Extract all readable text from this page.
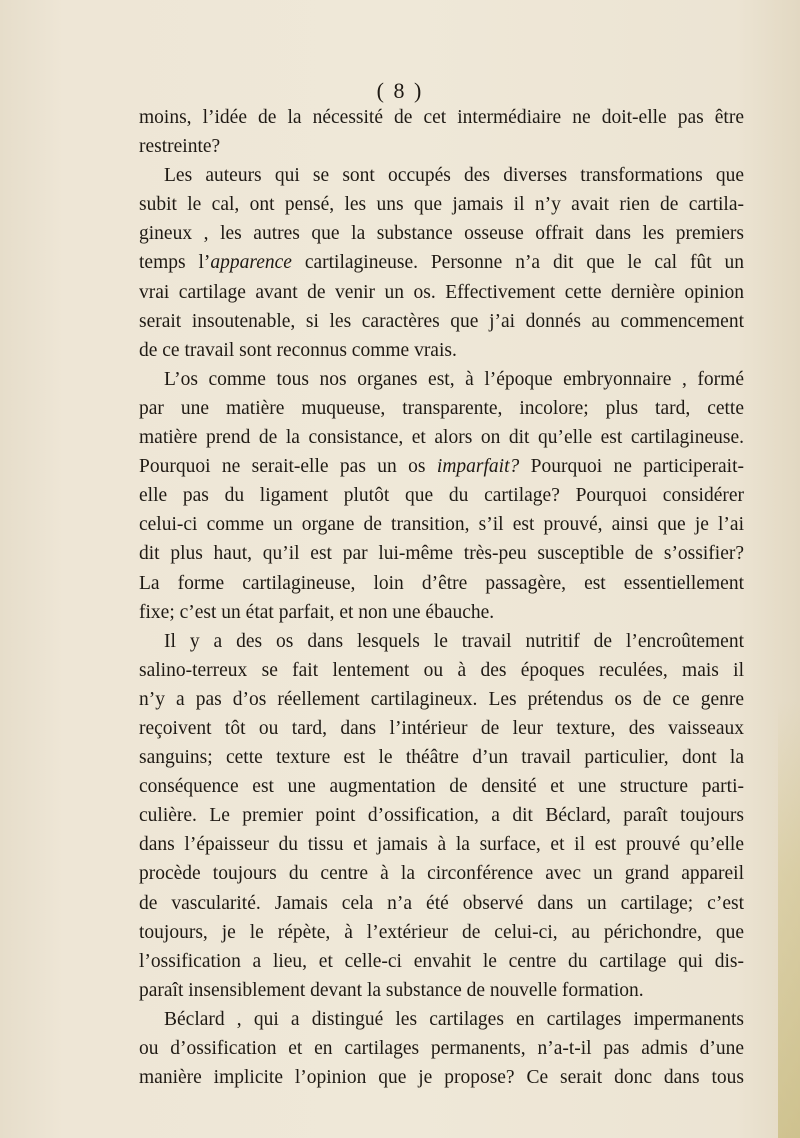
( 8 )
moins, l’idée de la nécessité de cet intermédiaire ne doit-elle pas être
restreinte?
Les auteurs qui se sont occupés des diverses transformations que
subit le cal, ont pensé, les uns que jamais il n’y avait rien de cartila-
gineux , les autres que la substance osseuse offrait dans les premiers
temps l’apparence cartilagineuse. Personne n’a dit que le cal fût un
vrai cartilage avant de venir un os. Effectivement cette dernière opinion
serait insoutenable, si les caractères que j’ai donnés au commencement
de ce travail sont reconnus comme vrais.
L’os comme tous nos organes est, à l’époque embryonnaire , formé
par une matière muqueuse, transparente, incolore; plus tard, cette
matière prend de la consistance, et alors on dit qu’elle est cartilagineuse.
Pourquoi ne serait-elle pas un os imparfait? Pourquoi ne participerait-
elle pas du ligament plutôt que du cartilage? Pourquoi considérer
celui-ci comme un organe de transition, s’il est prouvé, ainsi que je l’ai
dit plus haut, qu’il est par lui-même très-peu susceptible de s’ossifier?
La forme cartilagineuse, loin d’être passagère, est essentiellement
fixe; c’est un état parfait, et non une ébauche.
Il y a des os dans lesquels le travail nutritif de l’encroûtement
salino-terreux se fait lentement ou à des époques reculées, mais il
n’y a pas d’os réellement cartilagineux. Les prétendus os de ce genre
reçoivent tôt ou tard, dans l’intérieur de leur texture, des vaisseaux
sanguins; cette texture est le théâtre d’un travail particulier, dont la
conséquence est une augmentation de densité et une structure parti-
culière. Le premier point d’ossification, a dit Béclard, paraît toujours
dans l’épaisseur du tissu et jamais à la surface, et il est prouvé qu’elle
procède toujours du centre à la circonférence avec un grand appareil
de vascularité. Jamais cela n’a été observé dans un cartilage; c’est
toujours, je le répète, à l’extérieur de celui-ci, au périchondre, que
l’ossification a lieu, et celle-ci envahit le centre du cartilage qui dis-
paraît insensiblement devant la substance de nouvelle formation.
Béclard , qui a distingué les cartilages en cartilages impermanents
ou d’ossification et en cartilages permanents, n’a-t-il pas admis d’une
manière implicite l’opinion que je propose? Ce serait donc dans tous
